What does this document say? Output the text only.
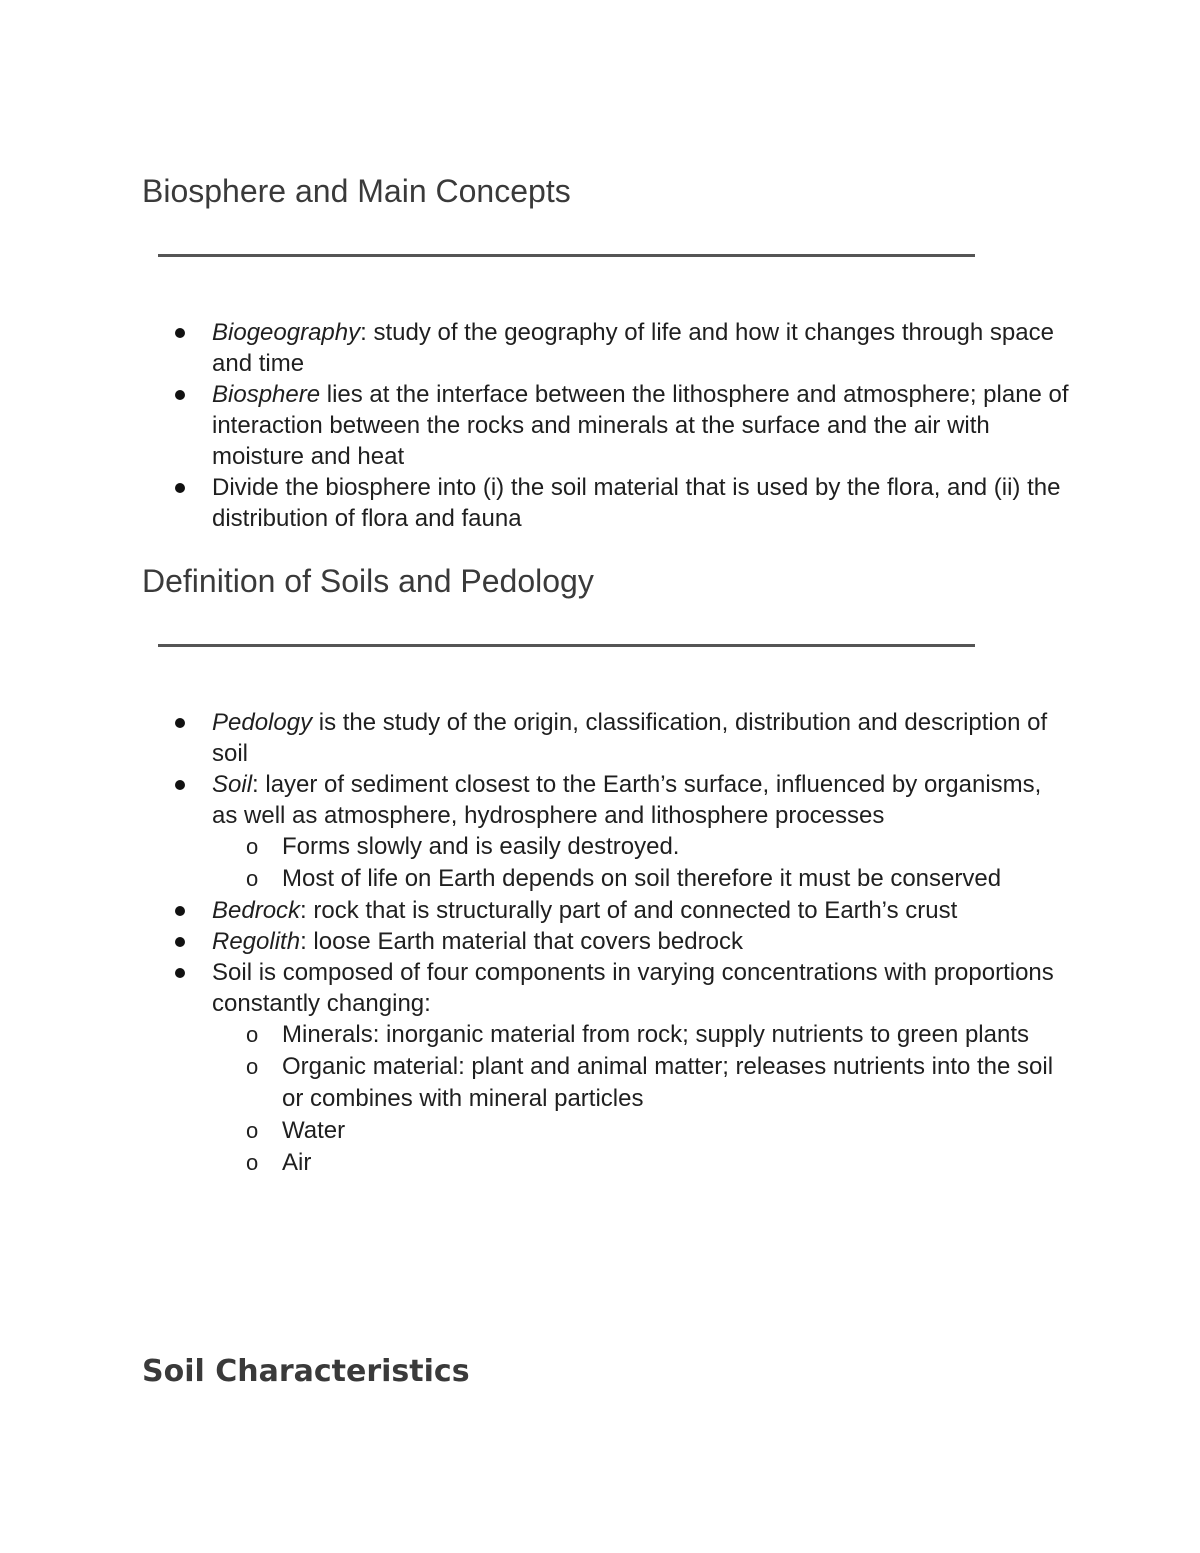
Biosphere and Main Concepts
Biogeography: study of the geography of life and how it changes through space and time
Biosphere lies at the interface between the lithosphere and atmosphere; plane of interaction between the rocks and minerals at the surface and the air with moisture and heat
Divide the biosphere into (i) the soil material that is used by the flora, and (ii) the distribution of flora and fauna
Definition of Soils and Pedology
Pedology is the study of the origin, classification, distribution and description of soil
Soil: layer of sediment closest to the Earth’s surface, influenced by organisms, as well as atmosphere, hydrosphere and lithosphere processes
o Forms slowly and is easily destroyed.
o Most of life on Earth depends on soil therefore it must be conserved
Bedrock: rock that is structurally part of and connected to Earth’s crust
Regolith: loose Earth material that covers bedrock
Soil is composed of four components in varying concentrations with proportions constantly changing:
o Minerals: inorganic material from rock; supply nutrients to green plants
o Organic material: plant and animal matter; releases nutrients into the soil or combines with mineral particles
o Water
o Air
Soil Characteristics
